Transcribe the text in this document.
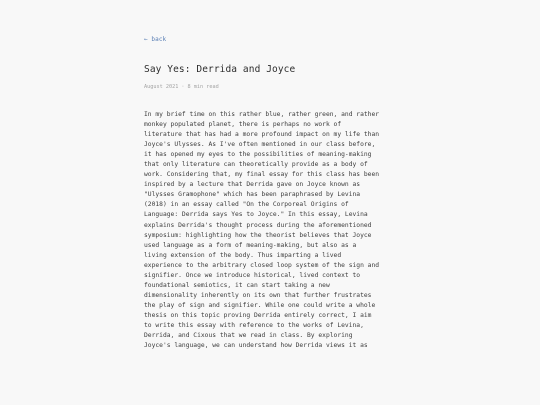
← back
Say Yes: Derrida and Joyce
August 2021 · 8 min read

In my brief time on this rather blue, rather green, and rather
monkey populated planet, there is perhaps no work of
literature that has had a more profound impact on my life than
Joyce's Ulysses. As I've often mentioned in our class before,
it has opened my eyes to the possibilities of meaning-making
that only literature can theoretically provide as a body of
work. Considering that, my final essay for this class has been
inspired by a lecture that Derrida gave on Joyce known as
"Ulysses Gramophone" which has been paraphrased by Levina
(2018) in an essay called "On the Corporeal Origins of
Language: Derrida says Yes to Joyce." In this essay, Levina
explains Derrida's thought process during the aforementioned
symposium: highlighting how the theorist believes that Joyce
used language as a form of meaning-making, but also as a
living extension of the body. Thus imparting a lived
experience to the arbitrary closed loop system of the sign and
signifier. Once we introduce historical, lived context to
foundational semiotics, it can start taking a new
dimensionality inherently on its own that further frustrates
the play of sign and signifier. While one could write a whole
thesis on this topic proving Derrida entirely correct, I aim
to write this essay with reference to the works of Levina,
Derrida, and Cixous that we read in class. By exploring
Joyce's language, we can understand how Derrida views it as
